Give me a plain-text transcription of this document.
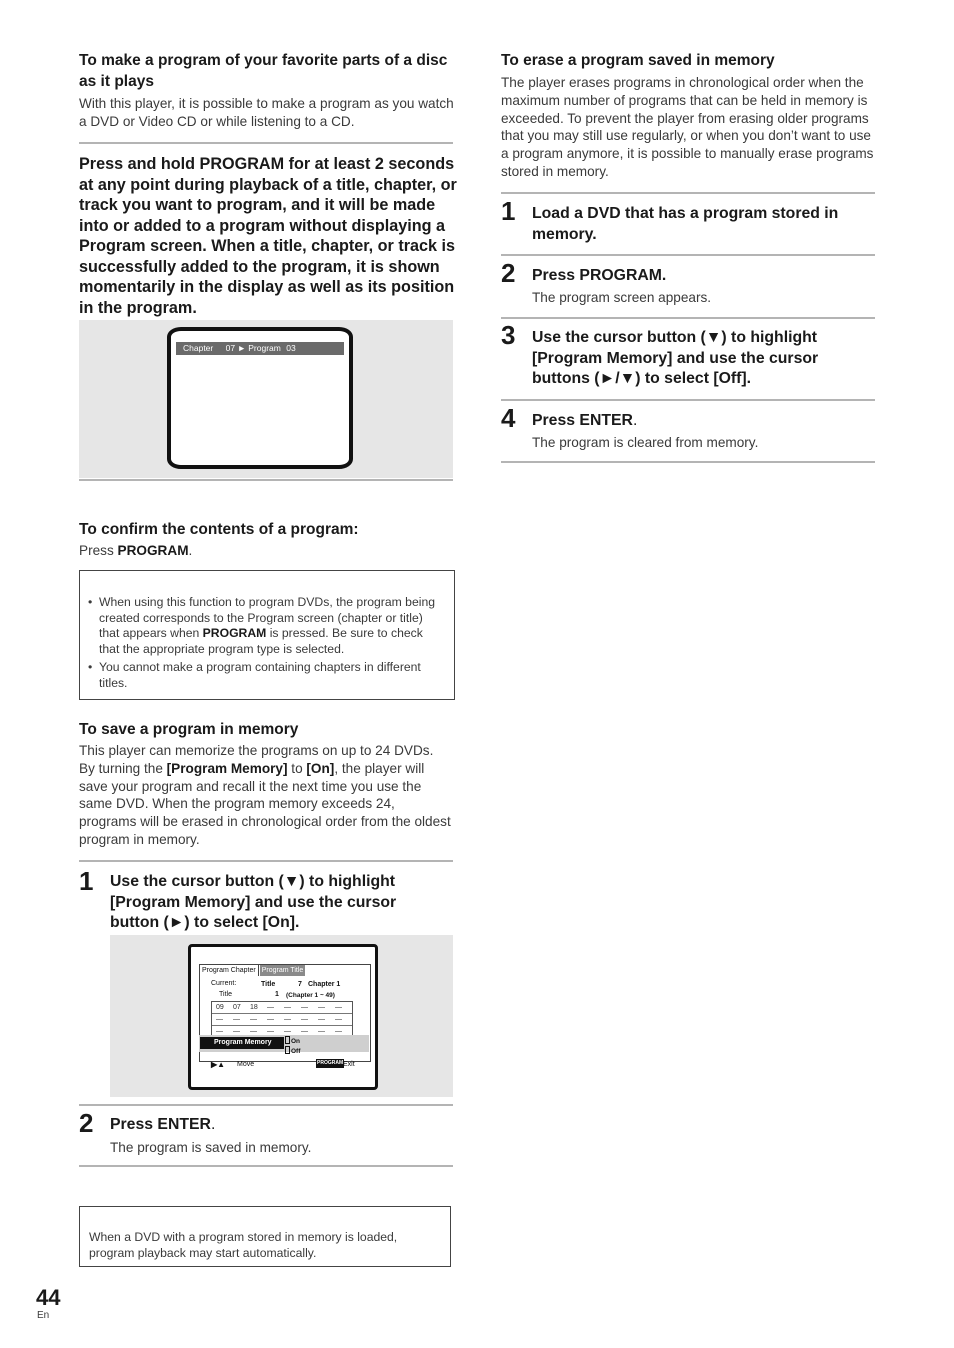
To make a program of your favorite parts of a disc as it plays
With this player, it is possible to make a program as you watch a DVD or Video CD or while listening to a CD.
Press and hold PROGRAM for at least 2 seconds at any point during playback of a title, chapter, or track you want to program, and it will be made into or added to a program without displaying a Program screen. When a title, chapter, or track is successfully added to the program, it is shown momentarily in the display as well as its position in the program.
Chapter 07 ► Program 03
To confirm the contents of a program:
Press PROGRAM.
• When using this function to program DVDs, the program being created corresponds to the Program screen (chapter or title) that appears when PROGRAM is pressed. Be sure to check that the appropriate program type is selected.
• You cannot make a program containing chapters in different titles.
To save a program in memory
This player can memorize the programs on up to 24 DVDs. By turning the [Program Memory] to [On], the player will save your program and recall it the next time you use the same DVD. When the program memory exceeds 24, programs will be erased in chronological order from the oldest program in memory.
1 Use the cursor button (▼) to highlight [Program Memory] and use the cursor button (►) to select [On].
Program Chapter Program Title
Current:	Title	7 Chapter 1
Title	1 (Chapter 1 ~ 49)
09	07	18	—	—	—	—	—
—	—	—	—	—	—	—	—
—	—	—	—	—	—	—	—
Program Memory	On
Off
▶▲ Move	PROGRAM Exit
2 Press ENTER.
The program is saved in memory.
When a DVD with a program stored in memory is loaded, program playback may start automatically.
To erase a program saved in memory
The player erases programs in chronological order when the maximum number of programs that can be held in memory is exceeded. To prevent the player from erasing older programs that you may still use regularly, or when you don’t want to use a program anymore, it is possible to manually erase programs stored in memory.
1 Load a DVD that has a program stored in memory.
2 Press PROGRAM.
The program screen appears.
3 Use the cursor button (▼) to highlight [Program Memory] and use the cursor buttons (►/▼) to select [Off].
4 Press ENTER.
The program is cleared from memory.
44
En
